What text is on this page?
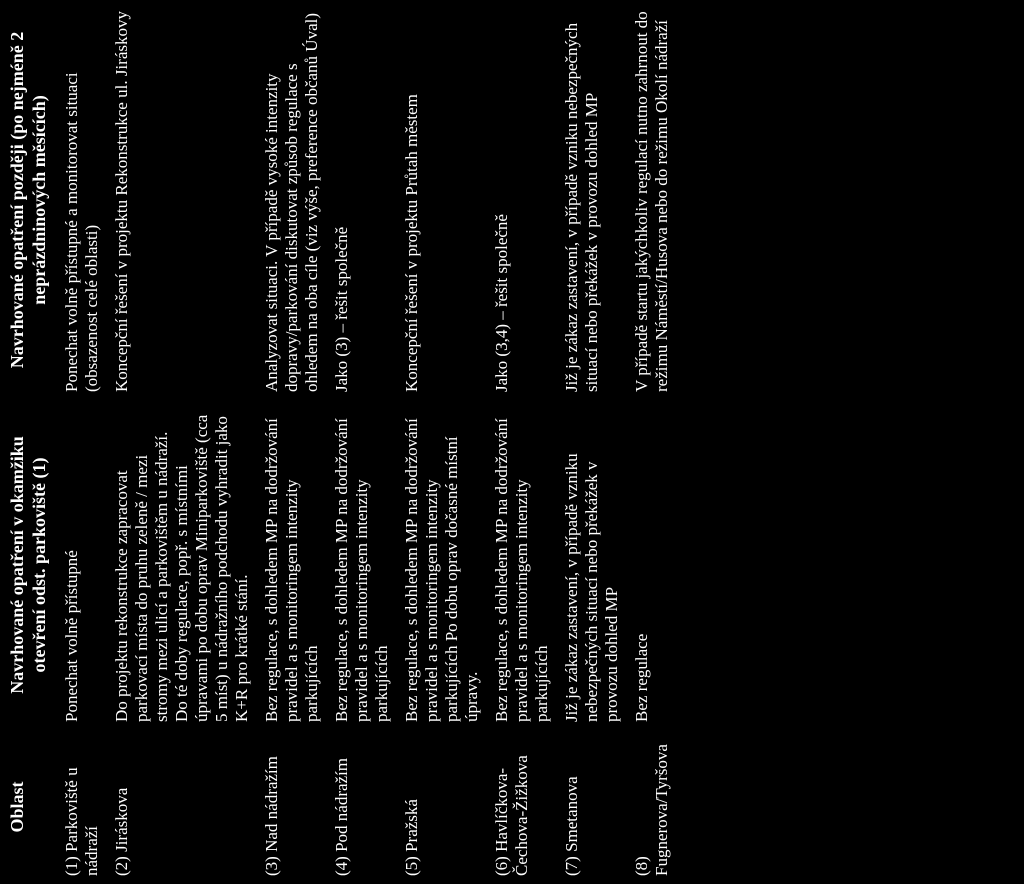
Oblast	Navrhované opatření v okamžiku otevření odst. parkoviště (1)	Navrhované opatření později (po nejméně 2 neprázdninových měsících)
(1) Parkoviště u nádraží	Ponechat volně přístupné	Ponechat volně přístupné a monitorovat situaci (obsazenost celé oblasti)
(2) Jiráskova	Do projektu rekonstrukce zapracovat parkovací místa do pruhu zeleně / mezi stromy mezi ulicí a parkovištěm u nádraží. Do té doby regulace, popř. s místními úpravami po dobu oprav Miniparkoviště (cca 5 míst) u nádražního podchodu vyhradit jako K+R pro krátké stání.	Koncepční řešení v projektu Rekonstrukce ul. Jiráskovy
(3) Nad nádražím	Bez regulace, s dohledem MP na dodržování pravidel a s monitoringem intenzity parkujících	Analyzovat situaci. V případě vysoké intenzity dopravy/parkování diskutovat způsob regulace s ohledem na oba cíle (viz výše, preference občanů Úval)
(4) Pod nádražím	Bez regulace, s dohledem MP na dodržování pravidel a s monitoringem intenzity parkujících	Jako (3) – řešit společně
(5) Pražská	Bez regulace, s dohledem MP na dodržování pravidel a s monitoringem intenzity parkujících Po dobu oprav dočasné místní úpravy.	Koncepční řešení v projektu Průtah městem
(6) Havlíčkova-Čechova-Žižkova	Bez regulace, s dohledem MP na dodržování pravidel a s monitoringem intenzity parkujících	Jako (3,4) – řešit společně
(7) Smetanova	Již je zákaz zastavení, v případě vzniku nebezpečných situací nebo překážek v provozu dohled MP	Již je zákaz zastavení, v případě vzniku nebezpečných situací nebo překážek v provozu dohled MP
(8) Fugnerova/Tyršova	Bez regulace	V případě startu jakýchkoliv regulací nutno zahrnout do režimu Náměstí/Husova nebo do režimu Okolí nádraží
